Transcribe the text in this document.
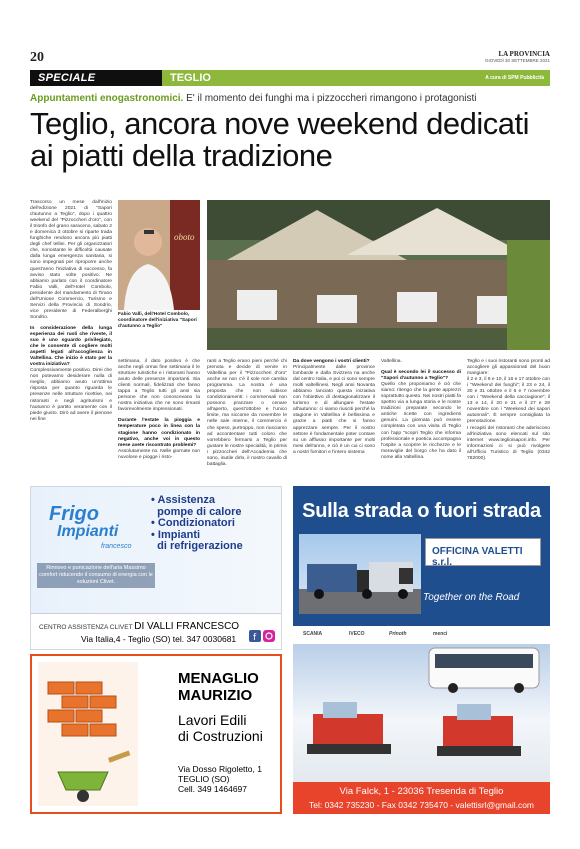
20	LA PROVINCIA
GIOVEDÌ 30 SETTEMBRE 2021
SPECIALE	TEGLIO	A cura di SPM Pubblicità
Appuntamenti enogastronomici. E' il momento dei funghi ma i pizzoccheri rimangono i protagonisti
Teglio, ancora nove weekend dedicati ai piatti della tradizione

Trascorso un mese dall'inizio dell'edizione 2021 di "Sapori d'autunno a Teglio", dopo i quattro weekend del "Pizzoccheri d'oro", con il trionfo del grano saraceno, sabato 2 e domenica 3 ottobre si riparte trada funghiche rendono ancora più piatti degli chef tellini. Per gli organizzatori che, nonostante le difficoltà causate dalla lunga emergenza sanitaria, si sono impegnati per riproporre anche quest'anno l'iniziativa di successo, fa avviso stato volte positivo. Ne abbiamo parlato con il coordinatore Fabio Valli, dell'Hotel Combolo, presidente del mandamento di Tirano dell'Unione Commercio, Turismo e Servizi della Provincia di Sondrio, vice presidente di Federalberghi Sondrio.

In considerazione della lunga esperienza dei ruoli che riveste, il suo è uno sguardo privilegiato, che le consente di cogliere molti aspetti legati all'accoglienza in Valtellina. Che inizio è stato per la vostra iniziativa?

Complessivamente positivo. Direi che non potevamo desiderare nulla di meglio, abbiamo avuto un'ottima risposta per quanto riguarda le presenze nelle strutture ricettive, nei ristoranti e negli agriturismi e l'autunno è partito veramente con il piede giusto. Dirò ad avere il pienone nei fine

oboto
Fabio Valli, dell'Hotel Combolo, coordinatore dell'iniziativa "Sapori d'autunno a Teglio"

settimana, il dato positivo è che anche negli ormai fine settimana il le strutture turistiche e i ristoranti hanno avuto delle presenze importanti. Sia clienti normali, fidelizzati che fanno tappa a Teglio tutti gli anni sia persone che non conoscevano la nostra iniziativa che ne sono rimasti favorevolmente impressionati.

Durante l'estate la pioggia e temperature poco in linea con la stagione hanno condizionato in negativo, anche voi in questo mese avete riscontrato problemi?

Assolutamente no. Nelle giornate non nuvolose e piogge i risto-

ranti a Teglio erano pieni perché chi prenota e decide di venire in Valtellina per il "Pizzoccheri d'oro" anche se non c'è il sole non cambia programma. La nostra è una proposta che non subisce condizionamenti: i commensali non possono pranzare o cenare all'aperto, quest'ottobre e l'unico limite, ma siccome da novembre le nelle sale interne, il commercio è che speso, purtroppo, non riusciamo ad accontentare tutti coloro che vorrebbero fermarsi a Teglio per gustare le nostre specialità, in primis i pizzoccheri dell'Accademia che sono, inutile dirlo, il nostro cavallo di battaglia.

Da dove vengono i vostri clienti?

Principalmente dalle province lombarde e dalla Svizzera na anche dal centro Italia, e poi ci sono sempre molti valtellinesi. Negli anni Novanta abbiamo lanciato questa iniziativa con l'obiettivo di destagionalizzare il turismo e di allungare l'estate all'autunno: ci siamo riusciti perché la stagione in Valtellina è bellissima e grazie a piatti che si fanno apprezzare sempre. Per il nostro settore è fondamentale poter contare su un afflusso importante per molti mesi dell'anno, e ciò è un cui ci sono a nostri fornitori e l'intero sistema

Valtellina.

Qual è secondo lei il successo di "Sapori d'autunno a Teglio"?

Quello che proponiamo è ciò che siamo: ritengo che la gente apprezzi soprattutto questo. Nei nostri piatti fa spettro via a lunga storia e le nostre tradizioni preparate secondo le antiche ricette con ingredienti genuini. La giornata può essere completata con una visita di Teglio con l'app "scopri Teglio che informa professionale e poetica accompagna l'ospite a scoprire le ricchezze e le meraviglie del borgo che ha dato il nome alla Valtellina.

Teglio e i suoi ristoranti sono pronti ad accogliere gli appassionati del buon mangiare:

il 2 e 3, il 9 e 10, il 16 e 17 ottobre con i "Weekend dei funghi"; il 23 e 24, il 30 e 31 ottobre e il 6 e 7 novembre con i "Weekend della cacciagione"; il 13 e 14, il 20 e 21 e il 27 e 28 novembre con i "Weekend dei sapori autunnali". È sempre consigliata la prenotazione.

I recapiti dei ristoranti che aderiscono all'iniziativa sono elencati sul sito internet www.teglioisapori.info. Per informazioni ci si può rivolgere all'Ufficio Turistico di Teglio (0342 782000).

Frigo
Impianti
francesco
• Assistenza
pompe di calore
• Condizionatori
• Impianti
di refrigerazione
Rinnovo e punicazione dell'aria Massimo comfort riducendo il consumo di energia con le soluzioni Clivet.
CENTRO ASSISTENZA CLIVET DI VALLI FRANCESCO
Via Italia,4 - Teglio (SO) tel. 347 0030681 f
MENAGLIO
MAURIZIO
Lavori Edili
di Costruzioni
Via Dosso Rigoletto, 1
TEGLIO (SO)
Cell. 349 1464697
Sulla strada o fuori strada
OFFICINA VALETTI s.r.l.
Together on the Road
SCANIA	IVECO	Prinoth	menci
Via Falck, 1 - 23036 Tresenda di Teglio
Tel: 0342 735230 - Fax 0342 735470 - valettisrl@gmail.com
